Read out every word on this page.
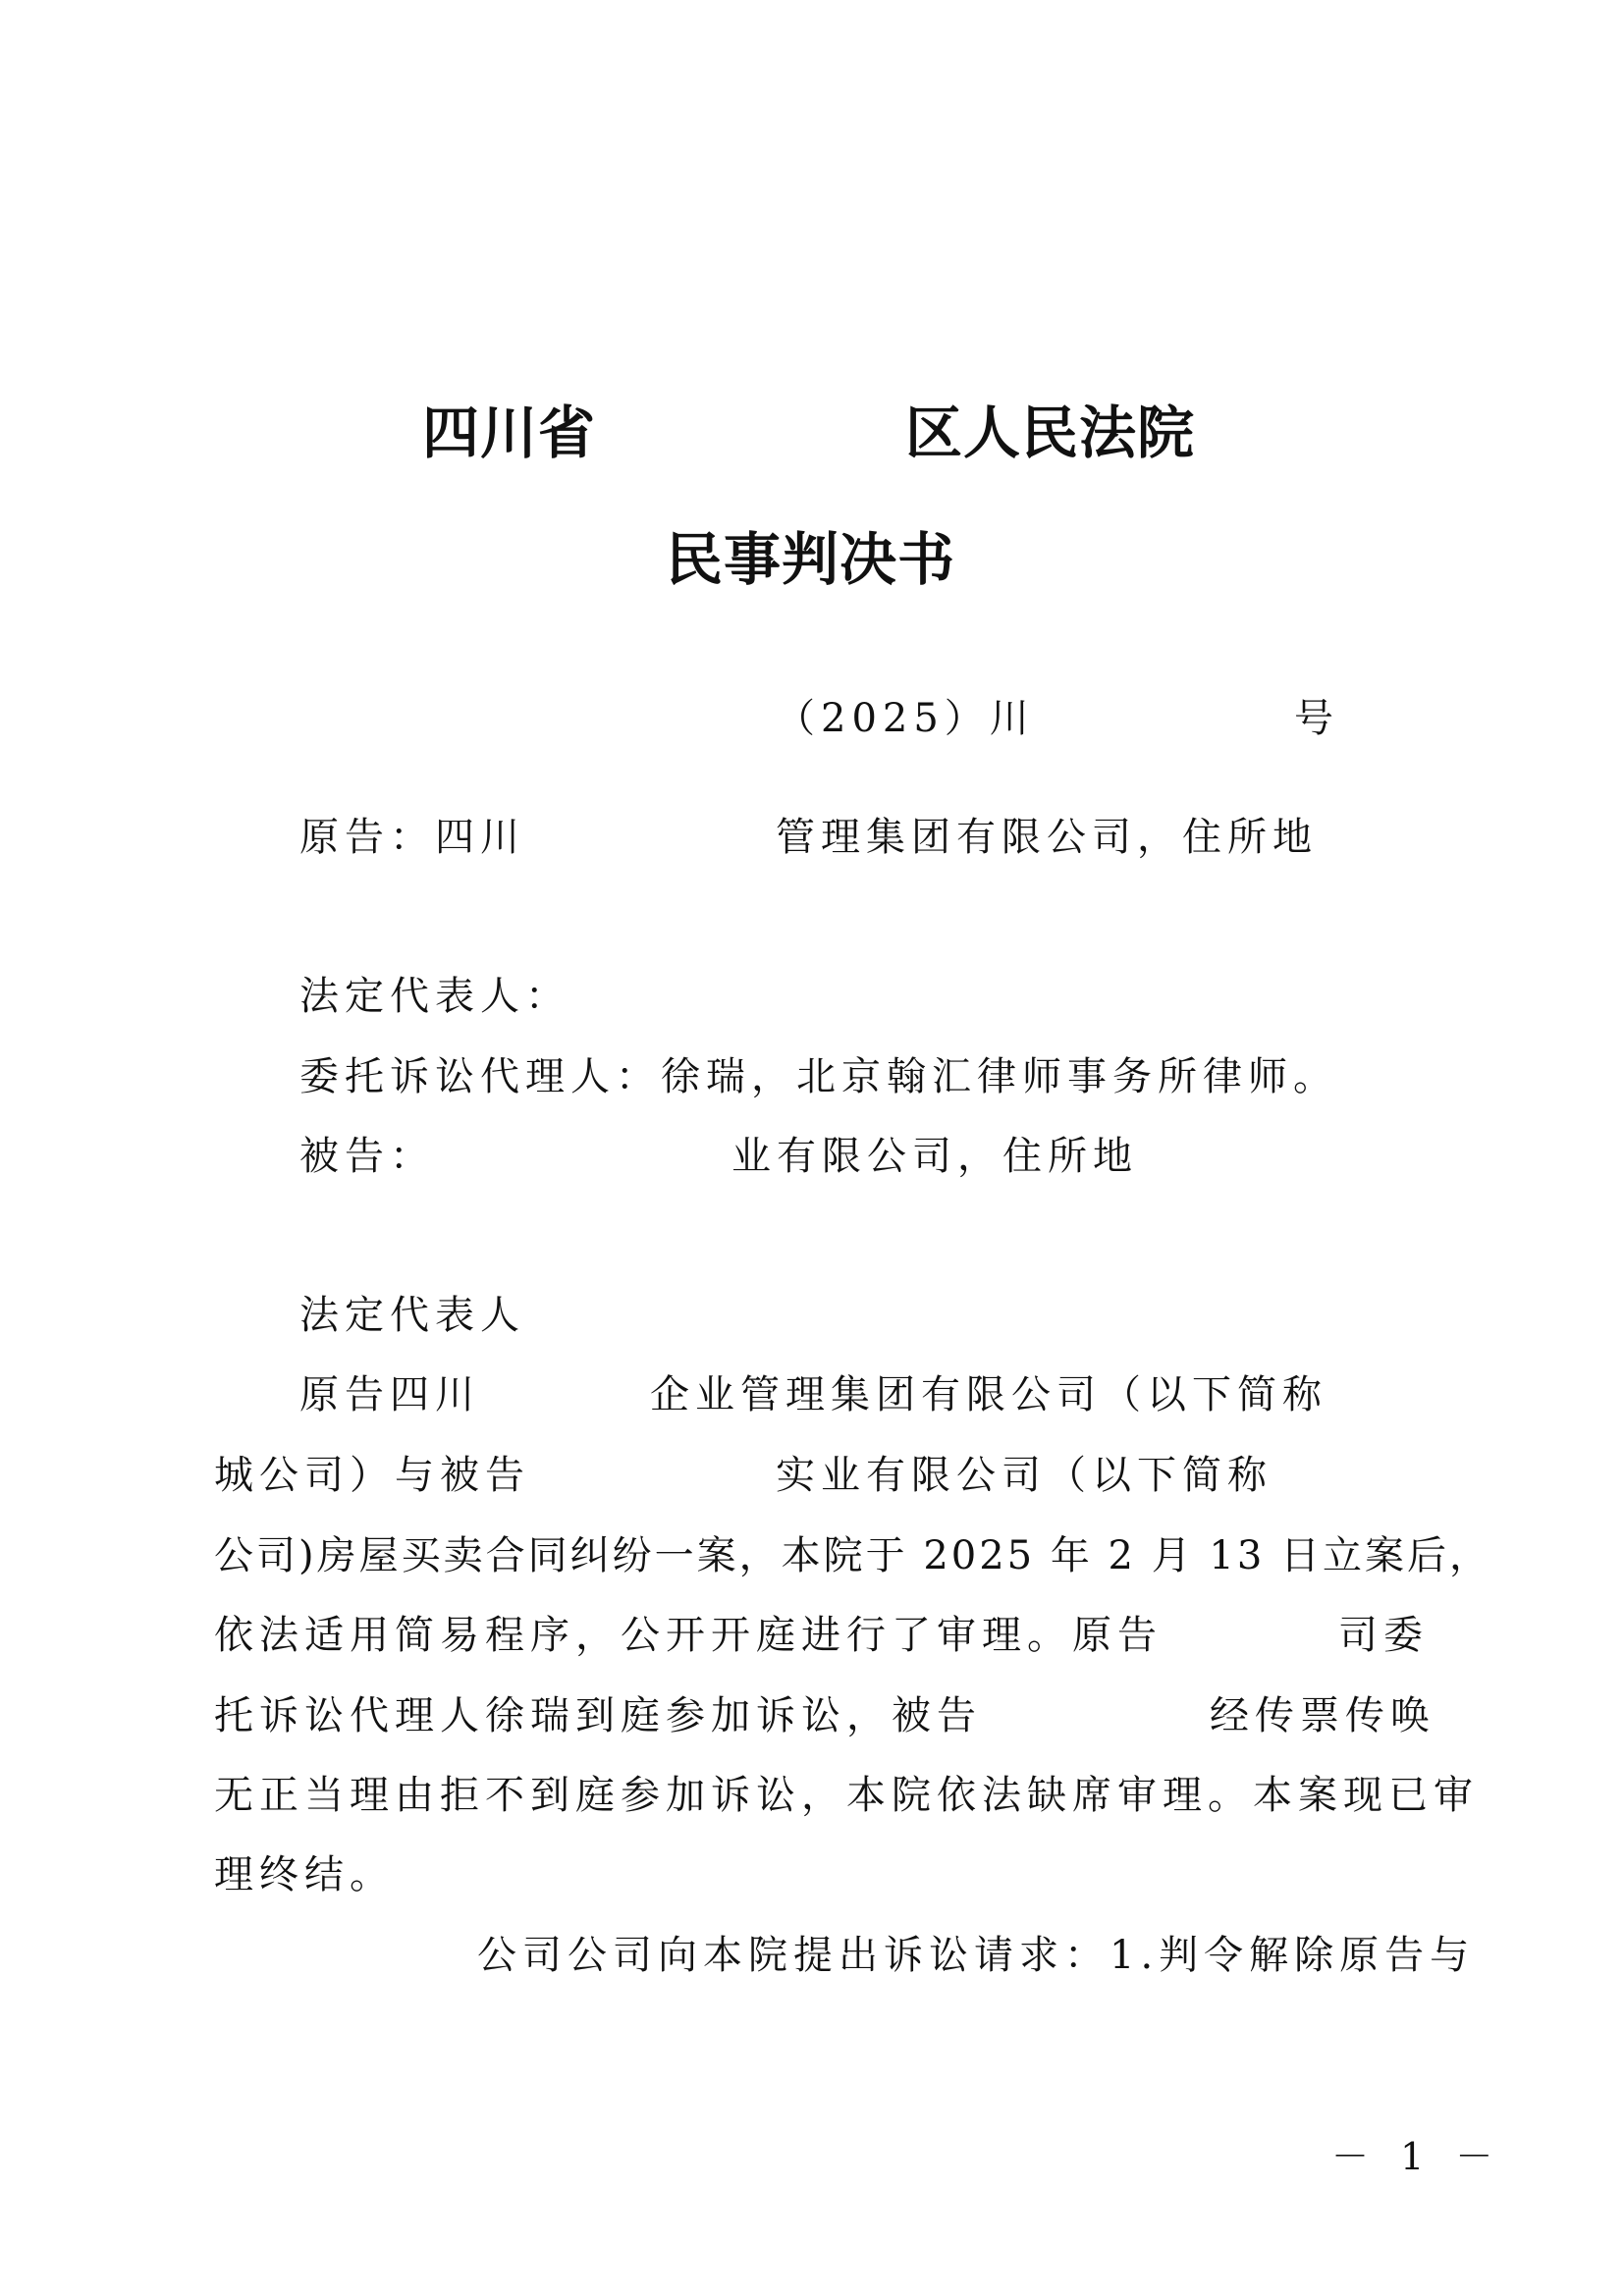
四川省	区人民法院
民事判决书
（2025）川	号
原告：四川	管理集团有限公司，住所地
法定代表人：
委托诉讼代理人：徐瑞，北京翰汇律师事务所律师。
被告：	业有限公司，住所地
法定代表人
原告四川	企业管理集团有限公司（以下简称
城公司）与被告	实业有限公司（以下简称
公司)房屋买卖合同纠纷一案，本院于 2025 年 2 月 13 日立案后，
依法适用简易程序，公开开庭进行了审理。原告	司委
托诉讼代理人徐瑞到庭参加诉讼，被告	经传票传唤
无正当理由拒不到庭参加诉讼，本院依法缺席审理。本案现已审
理终结。
公司公司向本院提出诉讼请求：1.判令解除原告与
－ 1 －
